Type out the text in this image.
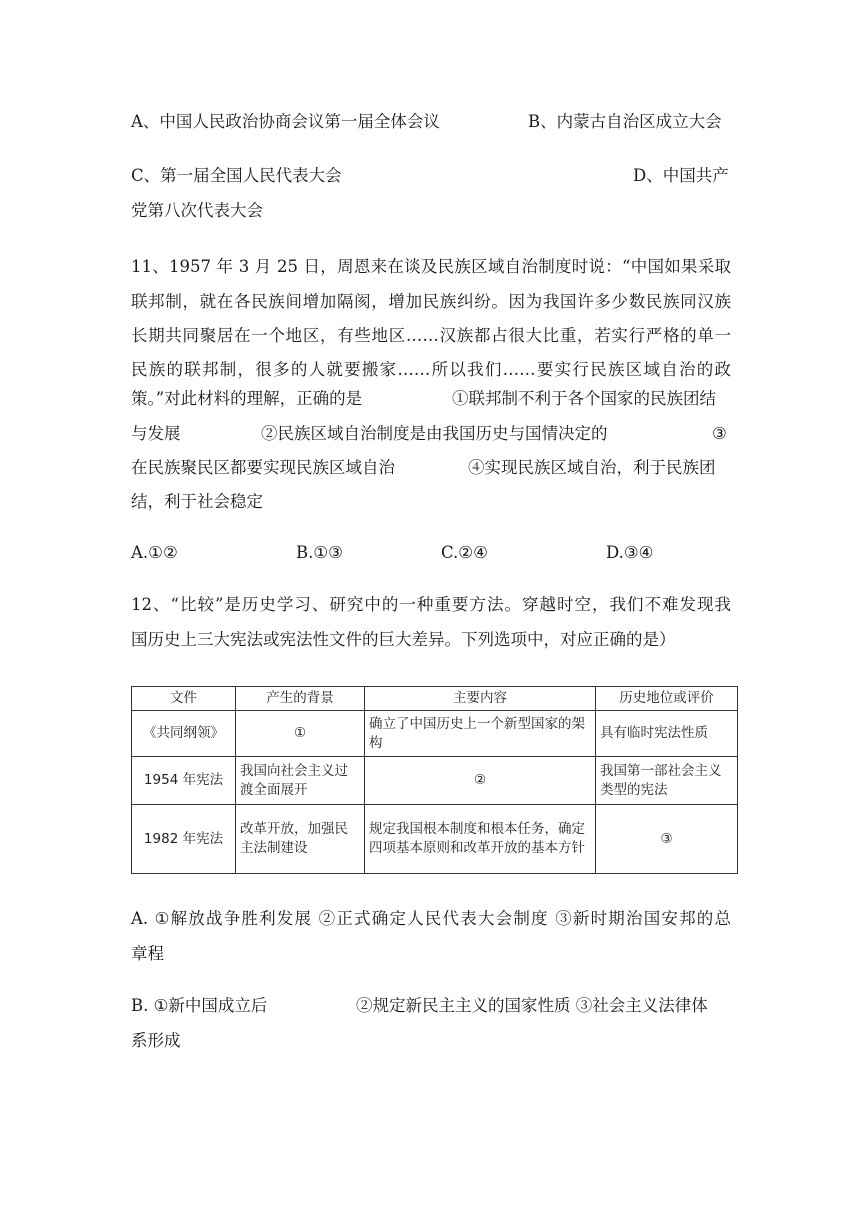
A、中国人民政治协商会议第一届全体会议	B、内蒙古自治区成立大会
C、第一届全国人民代表大会	D、中国共产
党第八次代表大会
11、1957 年 3 月 25 日，周恩来在谈及民族区域自治制度时说：“中国如果采取
联邦制，就在各民族间增加隔阂，增加民族纠纷。因为我国许多少数民族同汉族
长期共同聚居在一个地区，有些地区……汉族都占很大比重，若实行严格的单一
民族的联邦制，很多的人就要搬家……所以我们……要实行民族区域自治的政
策。”对此材料的理解，正确的是	①联邦制不利于各个国家的民族团结
与发展	②民族区域自治制度是由我国历史与国情决定的	③
在民族聚民区都要实现民族区域自治	④实现民族区域自治，利于民族团
结，利于社会稳定
A.①②	B.①③	C.②④	D.③④
12、“比较”是历史学习、研究中的一种重要方法。穿越时空，我们不难发现我
国历史上三大宪法或宪法性文件的巨大差异。下列选项中，对应正确的是）
文件	产生的背景	主要内容	历史地位或评价
《共同纲领》	①	确立了中国历史上一个新型国家的架构	具有临时宪法性质
1954 年宪法	我国向社会主义过渡全面展开	②	我国第一部社会主义类型的宪法
1982 年宪法	改革开放，加强民主法制建设	规定我国根本制度和根本任务，确定四项基本原则和改革开放的基本方针	③
A. ①解放战争胜利发展 ②正式确定人民代表大会制度 ③新时期治国安邦的总
章程
B. ①新中国成立后	②规定新民主主义的国家性质 ③社会主义法律体
系形成
